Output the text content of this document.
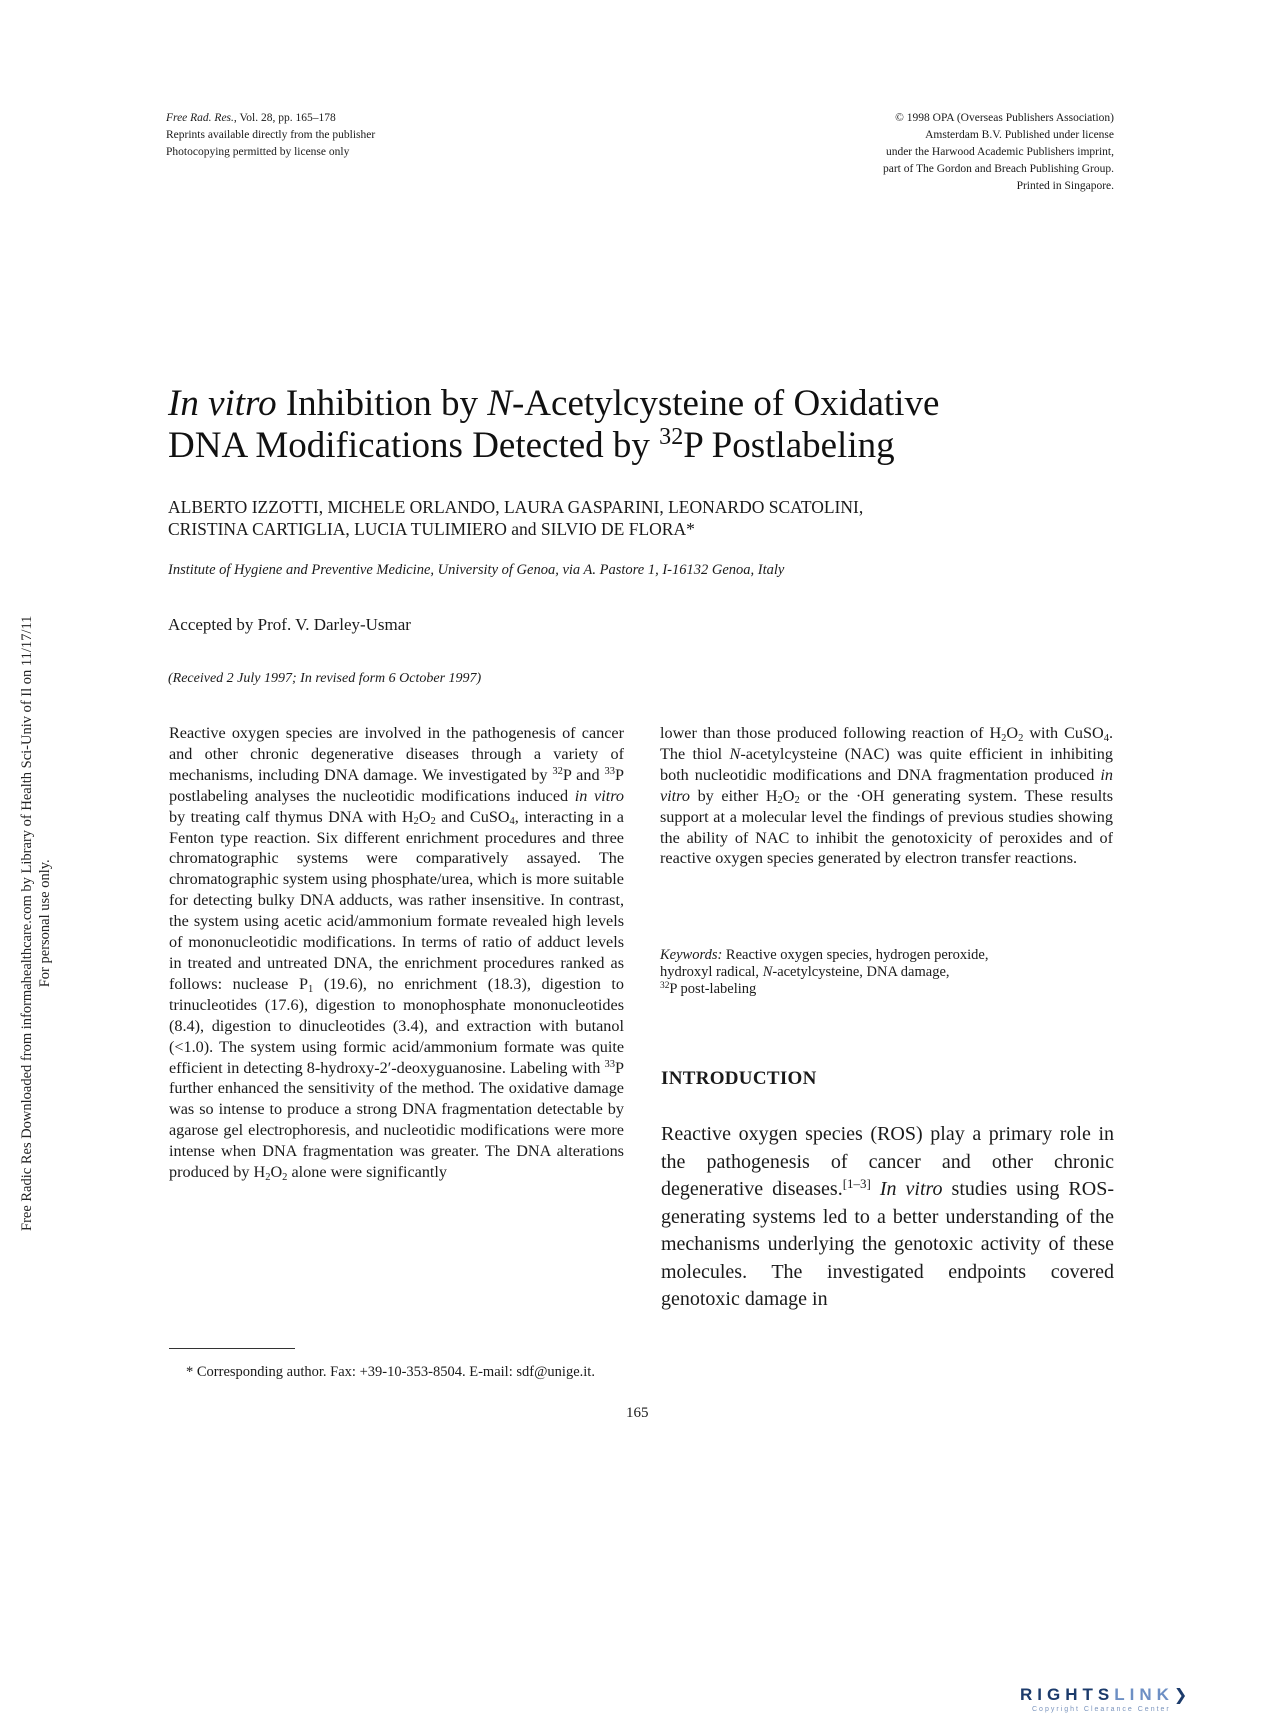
Free Rad. Res., Vol. 28, pp. 165–178
Reprints available directly from the publisher
Photocopying permitted by license only
© 1998 OPA (Overseas Publishers Association)
Amsterdam B.V. Published under license
under the Harwood Academic Publishers imprint,
part of The Gordon and Breach Publishing Group.
Printed in Singapore.
In vitro Inhibition by N-Acetylcysteine of Oxidative
DNA Modifications Detected by $^{32}$P Postlabeling
ALBERTO IZZOTTI, MICHELE ORLANDO, LAURA GASPARINI, LEONARDO SCATOLINI,
CRISTINA CARTIGLIA, LUCIA TULIMIERO and SILVIO DE FLORA*
Institute of Hygiene and Preventive Medicine, University of Genoa, via A. Pastore 1, I-16132 Genoa, Italy
Accepted by Prof. V. Darley-Usmar
(Received 2 July 1997; In revised form 6 October 1997)

Reactive oxygen species are involved in the pathogenesis of cancer and other chronic degenerative diseases through a variety of mechanisms, including DNA damage. We investigated by $^{32}$P and $^{33}$P postlabeling analyses the nucleotidic modifications induced in vitro by treating calf thymus DNA with $H_2O_2$ and CuSO$_4$, interacting in a Fenton type reaction. Six different enrichment procedures and three chromatographic systems were comparatively assayed. The chromatographic system using phosphate/urea, which is more suitable for detecting bulky DNA adducts, was rather insensitive. In contrast, the system using acetic acid/ammonium formate revealed high levels of mononucleotidic modifications. In terms of ratio of adduct levels in treated and untreated DNA, the enrichment procedures ranked as follows: nuclease $P_1$ (19.6), no enrichment (18.3), digestion to trinucleotides (17.6), digestion to monophosphate mononucleotides (8.4), digestion to dinucleotides (3.4), and extraction with butanol (<1.0). The system using formic acid/ammonium formate was quite efficient in detecting 8-hydroxy-2′-deoxyguanosine. Labeling with $^{33}$P further enhanced the sensitivity of the method. The oxidative damage was so intense to produce a strong DNA fragmentation detectable by agarose gel electrophoresis, and nucleotidic modifications were more intense when DNA fragmentation was greater. The DNA alterations produced by $H_2O_2$ alone were significantly

lower than those produced following reaction of $H_2O_2$ with CuSO$_4$. The thiol N-acetylcysteine (NAC) was quite efficient in inhibiting both nucleotidic modifications and DNA fragmentation produced in vitro by either $H_2O_2$ or the ·OH generating system. These results support at a molecular level the findings of previous studies showing the ability of NAC to inhibit the genotoxicity of peroxides and of reactive oxygen species generated by electron transfer reactions.

Keywords: Reactive oxygen species, hydrogen peroxide,
hydroxyl radical, N-acetylcysteine, DNA damage,
$^{32}$P post-labeling
INTRODUCTION

Reactive oxygen species (ROS) play a primary role in the pathogenesis of cancer and other chronic degenerative diseases.[1–3] In vitro studies using ROS-generating systems led to a better understanding of the mechanisms underlying the genotoxic activity of these molecules. The investigated endpoints covered genotoxic damage in

* Corresponding author. Fax: +39-10-353-8504. E-mail: sdf@unige.it.
165
Free Radic Res Downloaded from informahealthcare.com by Library of Health Sci-Univ of Il on 11/17/11 For personal use only.
RIGHTSLINK❯
Copyright Clearance Center
